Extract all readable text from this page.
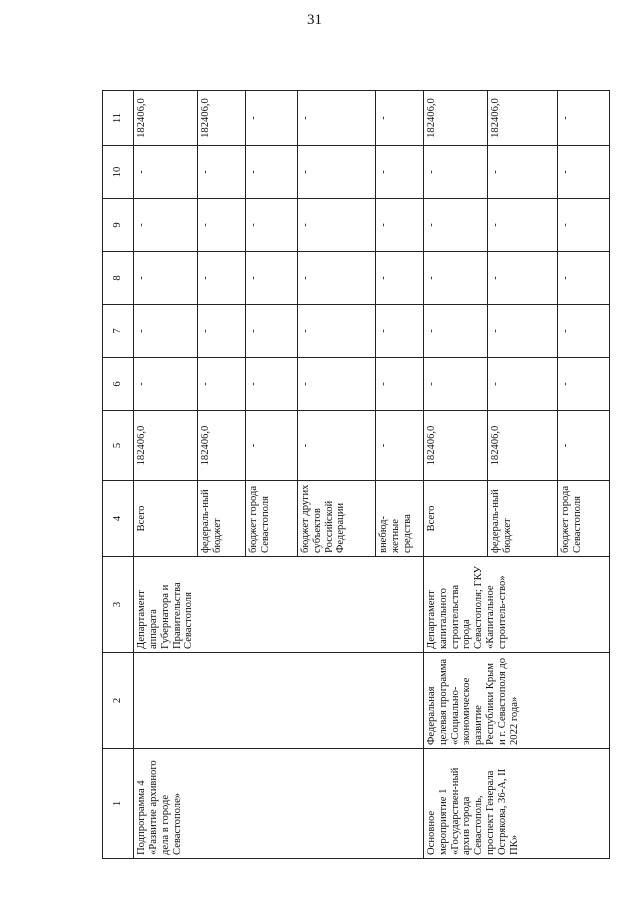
31
1	2	3	4	5	6	7	8	9	10	11
Подпрограмма 4 «Развитие архивного дела в городе Севастополе»		Департамент аппарата Губернатора и Правительства Севастополя	Всего	182406,0	-	-	-	-	-	182406,0
			федераль-ный бюджет	182406,0	-	-	-	-	-	182406,0
			бюджет города Севастополя	-	-	-	-	-	-	-
			бюджет других субъектов Российской Федерации	-	-	-	-	-	-	-
			внебюд-жетные средства	-	-	-	-	-	-	-
Основное мероприятие 1 «Государствен-ный архив города Севастополь, проспект Генерала Острякова, 36-А, II ПК»	Федеральная целевая программа «Социально-экономическое развитие Республики Крым и г. Севастополя до 2022 года»	Департамент капитального строительства города Севастополя; ГКУ «Капитальное строитель-ство»	Всего	182406,0	-	-	-	-	-	182406,0
			федераль-ный бюджет	182406,0	-	-	-	-	-	182406,0
			бюджет города Севастополя	-	-	-	-	-	-	-
